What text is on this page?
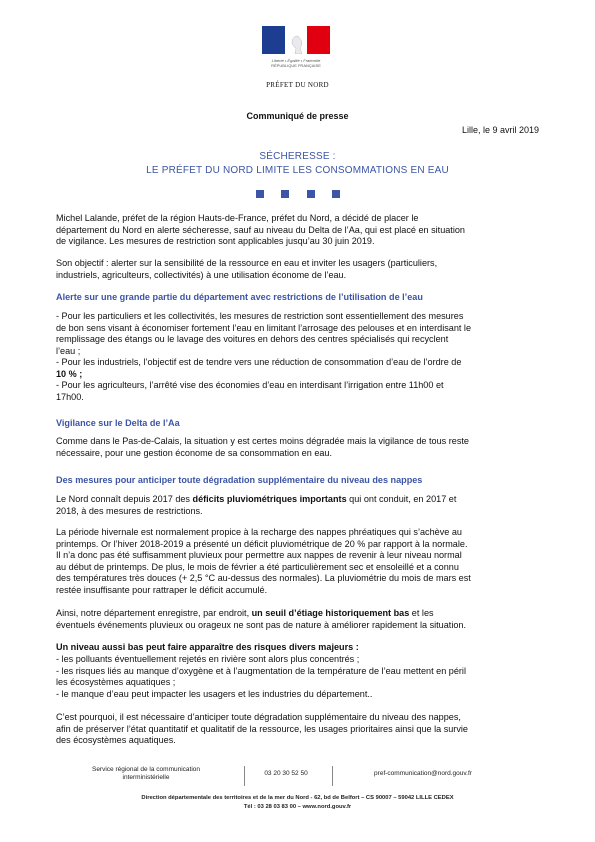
Liberté • Égalité • Fraternité
RÉPUBLIQUE FRANÇAISE
PRÉFET DU NORD
Communiqué de presse
Lille, le 9 avril 2019
SÉCHERESSE :
LE PRÉFET DU NORD LIMITE LES CONSOMMATIONS EN EAU
Michel Lalande, préfet de la région Hauts-de-France, préfet du Nord, a décidé de placer le
département du Nord en alerte sécheresse, sauf au niveau du Delta de l’Aa, qui est placé en situation
de vigilance. Les mesures de restriction sont applicables jusqu’au 30 juin 2019.
Son objectif : alerter sur la sensibilité de la ressource en eau et inviter les usagers (particuliers,
industriels, agriculteurs, collectivités) à une utilisation économe de l’eau.
Alerte sur une grande partie du département avec restrictions de l’utilisation de l’eau
- Pour les particuliers et les collectivités, les mesures de restriction sont essentiellement des mesures
de bon sens visant à économiser fortement l’eau en limitant l’arrosage des pelouses et en interdisant le
remplissage des étangs ou le lavage des voitures en dehors des centres spécialisés qui recyclent
l’eau ;
- Pour les industriels, l’objectif est de tendre vers une réduction de consommation d’eau de l’ordre de
10 % ;
- Pour les agriculteurs, l’arrêté vise des économies d’eau en interdisant l’irrigation entre 11h00 et
17h00.
Vigilance sur le Delta de l’Aa
Comme dans le Pas-de-Calais, la situation y est certes moins dégradée mais la vigilance de tous reste
nécessaire, pour une gestion économe de sa consommation en eau.
Des mesures pour anticiper toute dégradation supplémentaire du niveau des nappes
Le Nord connaît depuis 2017 des déficits pluviométriques importants qui ont conduit, en 2017 et
2018, à des mesures de restrictions.
La période hivernale est normalement propice à la recharge des nappes phréatiques qui s’achève au
printemps. Or l’hiver 2018-2019 a présenté un déficit pluviométrique de 20 % par rapport à la normale.
Il n’a donc pas été suffisamment pluvieux pour permettre aux nappes de revenir à leur niveau normal
au début de printemps. De plus, le mois de février a été particulièrement sec et ensoleillé et a connu
des températures très douces (+ 2,5 °C au-dessus des normales). La pluviométrie du mois de mars est
restée insuffisante pour rattraper le déficit accumulé.
Ainsi, notre département enregistre, par endroit, un seuil d’étiage historiquement bas et les
éventuels événements pluvieux ou orageux ne sont pas de nature à améliorer rapidement la situation.
Un niveau aussi bas peut faire apparaître des risques divers majeurs :
- les polluants éventuellement rejetés en rivière sont alors plus concentrés ;
- les risques liés au manque d’oxygène et à l’augmentation de la température de l’eau mettent en péril
les écosystèmes aquatiques ;
- le manque d’eau peut impacter les usagers et les industries du département..
C’est pourquoi, il est nécessaire d’anticiper toute dégradation supplémentaire du niveau des nappes,
afin de préserver l’état quantitatif et qualitatif de la ressource, les usages prioritaires ainsi que la survie
des écosystèmes aquatiques.
Service régional de la communication
interministérielle
03 20 30 52 50	pref-communication@nord.gouv.fr
Direction départementale des territoires et de la mer du Nord - 62, bd de Belfort – CS 90007 – 59042 LILLE CEDEX
Tél : 03 28 03 83 00 – www.nord.gouv.fr
